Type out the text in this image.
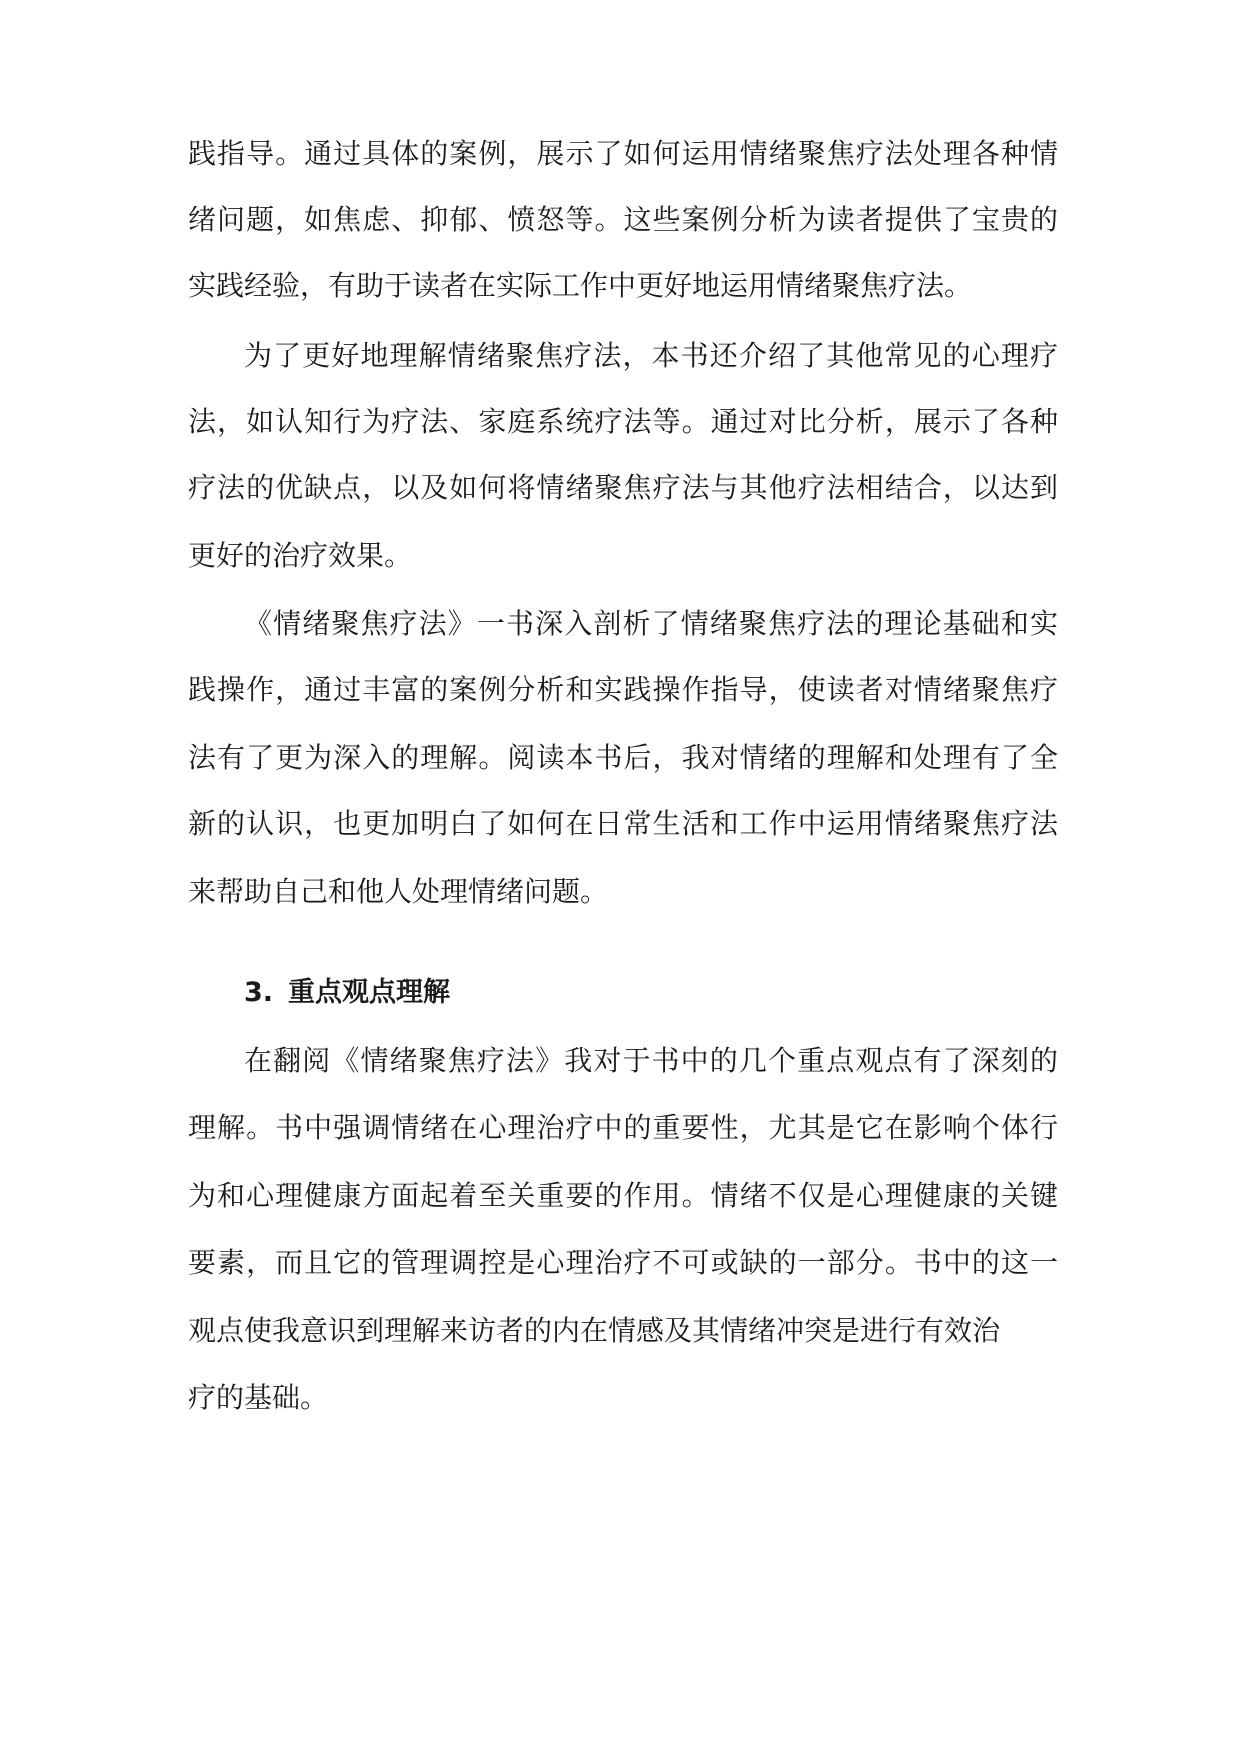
践指导。通过具体的案例，展示了如何运用情绪聚焦疗法处理各种情

绪问题，如焦虑、抑郁、愤怒等。这些案例分析为读者提供了宝贵的

实践经验，有助于读者在实际工作中更好地运用情绪聚焦疗法。

为了更好地理解情绪聚焦疗法，本书还介绍了其他常见的心理疗

法，如认知行为疗法、家庭系统疗法等。通过对比分析，展示了各种

疗法的优缺点，以及如何将情绪聚焦疗法与其他疗法相结合，以达到

更好的治疗效果。

《情绪聚焦疗法》一书深入剖析了情绪聚焦疗法的理论基础和实

践操作，通过丰富的案例分析和实践操作指导，使读者对情绪聚焦疗

法有了更为深入的理解。阅读本书后，我对情绪的理解和处理有了全

新的认识，也更加明白了如何在日常生活和工作中运用情绪聚焦疗法

来帮助自己和他人处理情绪问题。

3. 重点观点理解

在翻阅《情绪聚焦疗法》我对于书中的几个重点观点有了深刻的

理解。书中强调情绪在心理治疗中的重要性，尤其是它在影响个体行

为和心理健康方面起着至关重要的作用。情绪不仅是心理健康的关键

要素，而且它的管理调控是心理治疗不可或缺的一部分。书中的这一

观点使我意识到理解来访者的内在情感及其情绪冲突是进行有效治

疗的基础。
